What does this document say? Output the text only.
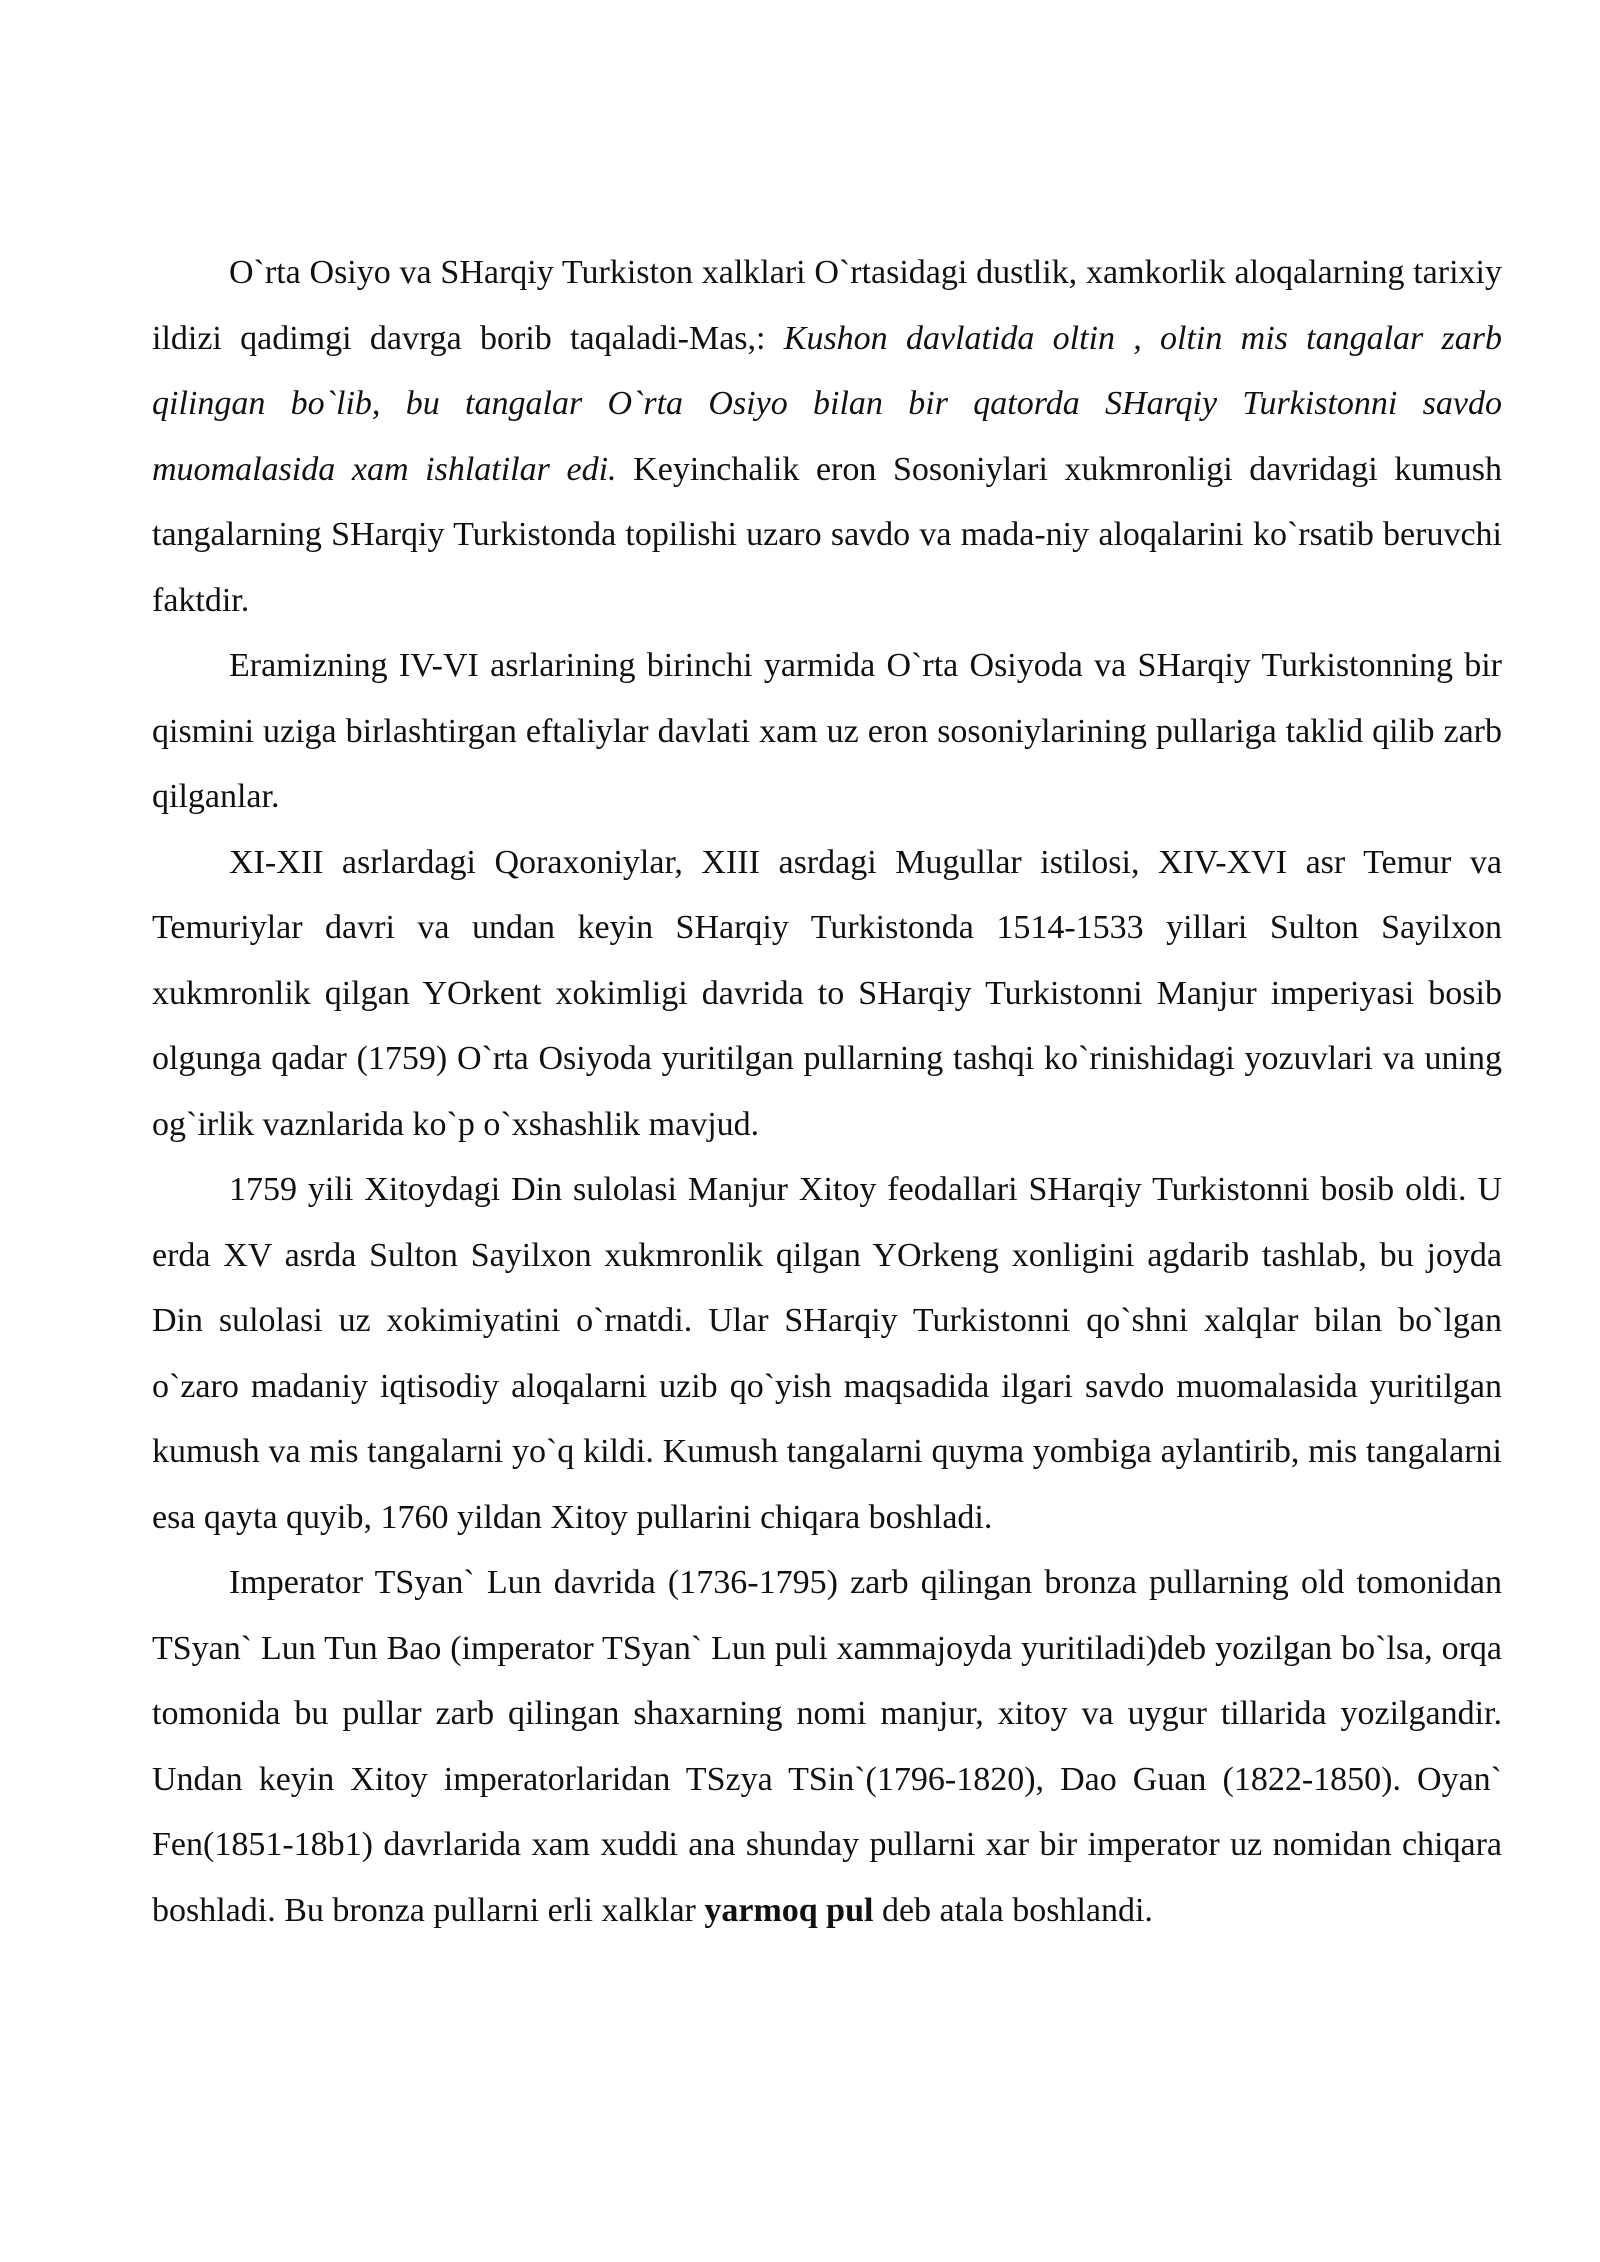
O`rta Osiyo va SHarqiy Turkiston xalklari O`rtasidagi dustlik, xamkorlik aloqalarning tarixiy ildizi qadimgi davrga borib taqaladi-Mas,: Kushon davlatida oltin , oltin mis tangalar zarb qilingan bo`lib, bu tangalar O`rta Osiyo bilan bir qatorda SHarqiy Turkistonni savdo muomalasida xam ishlatilar edi. Keyinchalik eron Sosoniylari xukmronligi davridagi kumush tangalarning SHarqiy Turkistonda topilishi uzaro savdo va mada-niy aloqalarini ko`rsatib beruvchi faktdir.

Eramizning IV-VI asrlarining birinchi yarmida O`rta Osiyoda va SHarqiy Turkistonning bir qismini uziga birlashtirgan eftaliylar davlati xam uz eron sosoniylarining pullariga taklid qilib zarb qilganlar.

XI-XII asrlardagi Qoraxoniylar, XIII asrdagi Mugullar istilosi, XIV-XVI asr Temur va Temuriylar davri va undan keyin SHarqiy Turkistonda 1514-1533 yillari Sulton Sayilxon xukmronlik qilgan YOrkent xokimligi davrida to SHarqiy Turkistonni Manjur imperiyasi bosib olgunga qadar (1759) O`rta Osiyoda yuritilgan pullarning tashqi ko`rinishidagi yozuvlari va uning og`irlik vaznlarida ko`p o`xshashlik mavjud.

1759 yili Xitoydagi Din sulolasi Manjur Xitoy feodallari SHarqiy Turkistonni bosib oldi. U erda XV asrda Sulton Sayilxon xukmronlik qilgan YOrkeng xonligini agdarib tashlab, bu joyda Din sulolasi uz xokimiyatini o`rnatdi. Ular SHarqiy Turkistonni qo`shni xalqlar bilan bo`lgan o`zaro madaniy iqtisodiy aloqalarni uzib qo`yish maqsadida ilgari savdo muomalasida yuritilgan kumush va mis tangalarni yo`q kildi. Kumush tangalarni quyma yombiga aylantirib, mis tangalarni esa qayta quyib, 1760 yildan Xitoy pullarini chiqara boshladi.

Imperator TSyan` Lun davrida (1736-1795) zarb qilingan bronza pullarning old tomonidan TSyan` Lun Tun Bao (imperator TSyan` Lun puli xammajoyda yuritiladi)deb yozilgan bo`lsa, orqa tomonida bu pullar zarb qilingan shaxarning nomi manjur, xitoy va uygur tillarida yozilgandir. Undan keyin Xitoy imperatorlaridan TSzya TSin`(1796-1820), Dao Guan (1822-1850). Oyan` Fen(1851-18b1) davrlarida xam xuddi ana shunday pullarni xar bir imperator uz nomidan chiqara boshladi. Bu bronza pullarni erli xalklar yarmoq pul deb atala boshlandi.
